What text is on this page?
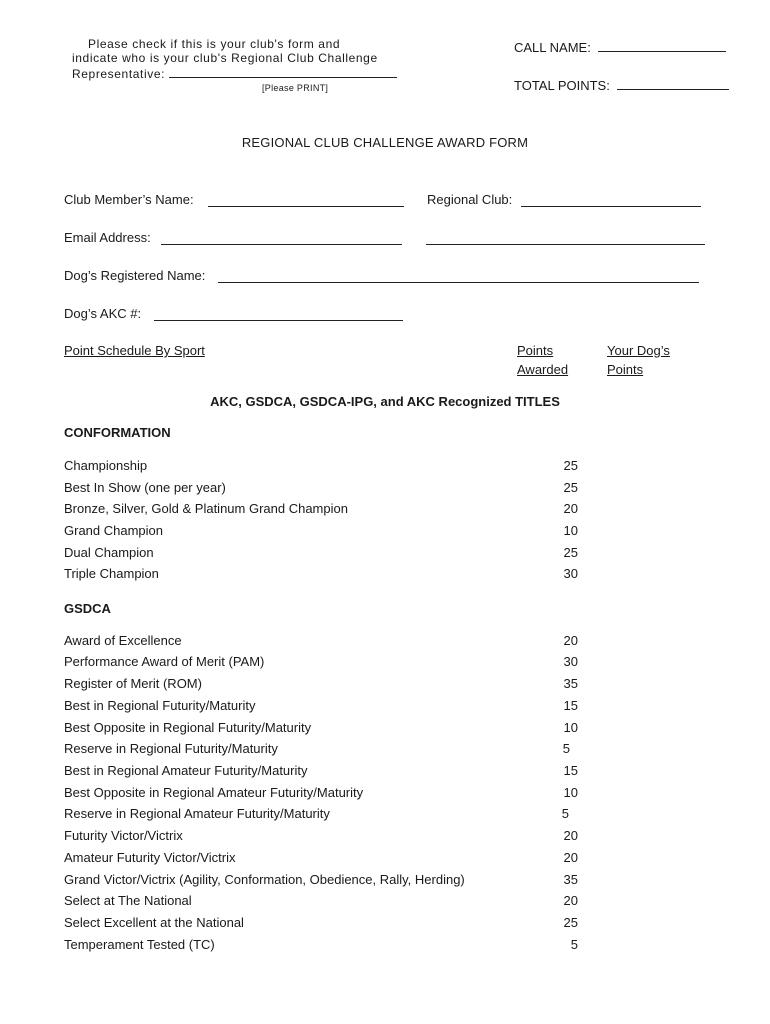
Please check if this is your club's form and
indicate who is your club's Regional Club Challenge
Representative:
[Please PRINT]
CALL NAME:
TOTAL POINTS:
REGIONAL CLUB CHALLENGE AWARD FORM
Club Member’s Name:	Regional Club:
Email Address:
Dog’s Registered Name:
Dog’s AKC #:
Point Schedule By Sport	Points
Awarded
Your Dog’s
Points
AKC, GSDCA, GSDCA-IPG, and AKC Recognized TITLES
CONFORMATION
Championship	25
Best In Show (one per year)	25
Bronze, Silver, Gold & Platinum Grand Champion	20
Grand Champion	10
Dual Champion	25
Triple Champion	30
GSDCA
Award of Excellence	20
Performance Award of Merit (PAM)	30
Register of Merit (ROM)	35
Best in Regional Futurity/Maturity	15
Best Opposite in Regional Futurity/Maturity	10
Reserve in Regional Futurity/Maturity	5
Best in Regional Amateur Futurity/Maturity	15
Best Opposite in Regional Amateur Futurity/Maturity	10
Reserve in Regional Amateur Futurity/Maturity	5
Futurity Victor/Victrix	20
Amateur Futurity Victor/Victrix	20
Grand Victor/Victrix (Agility, Conformation, Obedience, Rally, Herding)	35
Select at The National	20
Select Excellent at the National	25
Temperament Tested (TC)	5
